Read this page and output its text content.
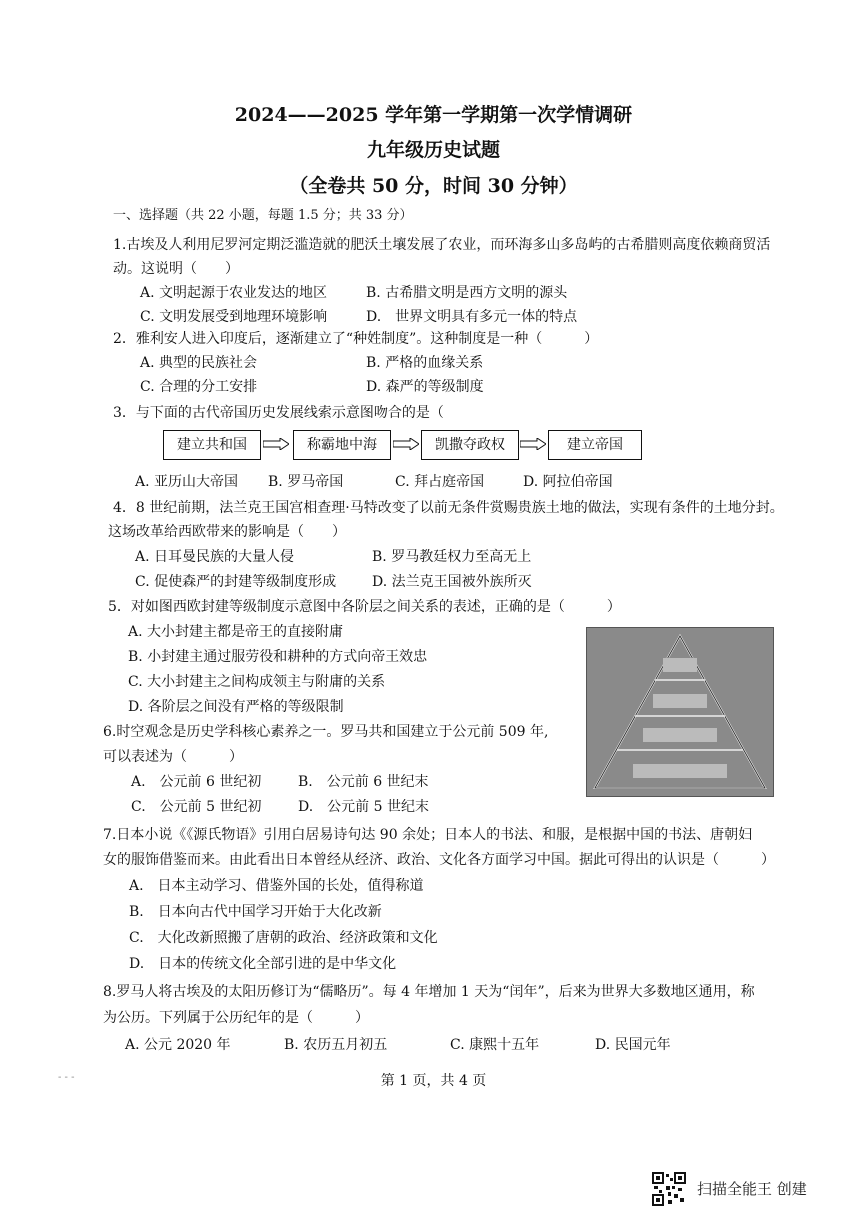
2024——2025 学年第一学期第一次学情调研
九年级历史试题
（全卷共 50 分，时间 30 分钟）
一、选择题（共 22 小题，每题 1.5 分；共 33 分）
1.古埃及人利用尼罗河定期泛滥造就的肥沃土壤发展了农业，而环海多山多岛屿的古希腊则高度依赖商贸活
动。这说明（　　）
A. 文明起源于农业发达的地区	B. 古希腊文明是西方文明的源头
C. 文明发展受到地理环境影响	D.　世界文明具有多元一体的特点
2．雅利安人进入印度后，逐渐建立了“种姓制度”。这种制度是一种（　　　）
A. 典型的民族社会	B. 严格的血缘关系
C. 合理的分工安排	D. 森严的等级制度
3．与下面的古代帝国历史发展线索示意图吻合的是（
建立共和国	称霸地中海	凯撒夺政权	建立帝国
A. 亚历山大帝国 B. 罗马帝国	C. 拜占庭帝国	D. 阿拉伯帝国
4．8 世纪前期，法兰克王国宫相查理·马特改变了以前无条件赏赐贵族土地的做法，实现有条件的土地分封。
这场改革给西欧带来的影响是（　　）
A. 日耳曼民族的大量人侵	B. 罗马教廷权力至高无上
C. 促使森严的封建等级制度形成	D. 法兰克王国被外族所灭
5．对如图西欧封建等级制度示意图中各阶层之间关系的表述，正确的是（　　　）
A. 大小封建主都是帝王的直接附庸
B. 小封建主通过服劳役和耕种的方式向帝王效忠
C. 大小封建主之间构成领主与附庸的关系
D. 各阶层之间没有严格的等级限制
6.时空观念是历史学科核心素养之一。罗马共和国建立于公元前 509 年,
可以表述为（　　　）
A.　公元前 6 世纪初	B.　公元前 6 世纪末
C.　公元前 5 世纪初	D.　公元前 5 世纪末
7.日本小说《《源氏物语》引用白居易诗句达 90 余处；日本人的书法、和服，是根据中国的书法、唐朝妇
女的服饰借鉴而来。由此看出日本曾经从经济、政治、文化各方面学习中国。据此可得出的认识是（　　　）
A.　日本主动学习、借鉴外国的长处，值得称道
B.　日本向古代中国学习开始于大化改新
C.　大化改新照搬了唐朝的政治、经济政策和文化
D.　日本的传统文化全部引进的是中华文化
8.罗马人将古埃及的太阳历修订为“儒略历”。每 4 年增加 1 天为“闰年”，后来为世界大多数地区通用，称
为公历。下列属于公历纪年的是（　　　）
A. 公元 2020 年	B. 农历五月初五	C. 康熙十五年	D. 民国元年
- - -	第 1 页，共 4 页
扫描全能王 创建
